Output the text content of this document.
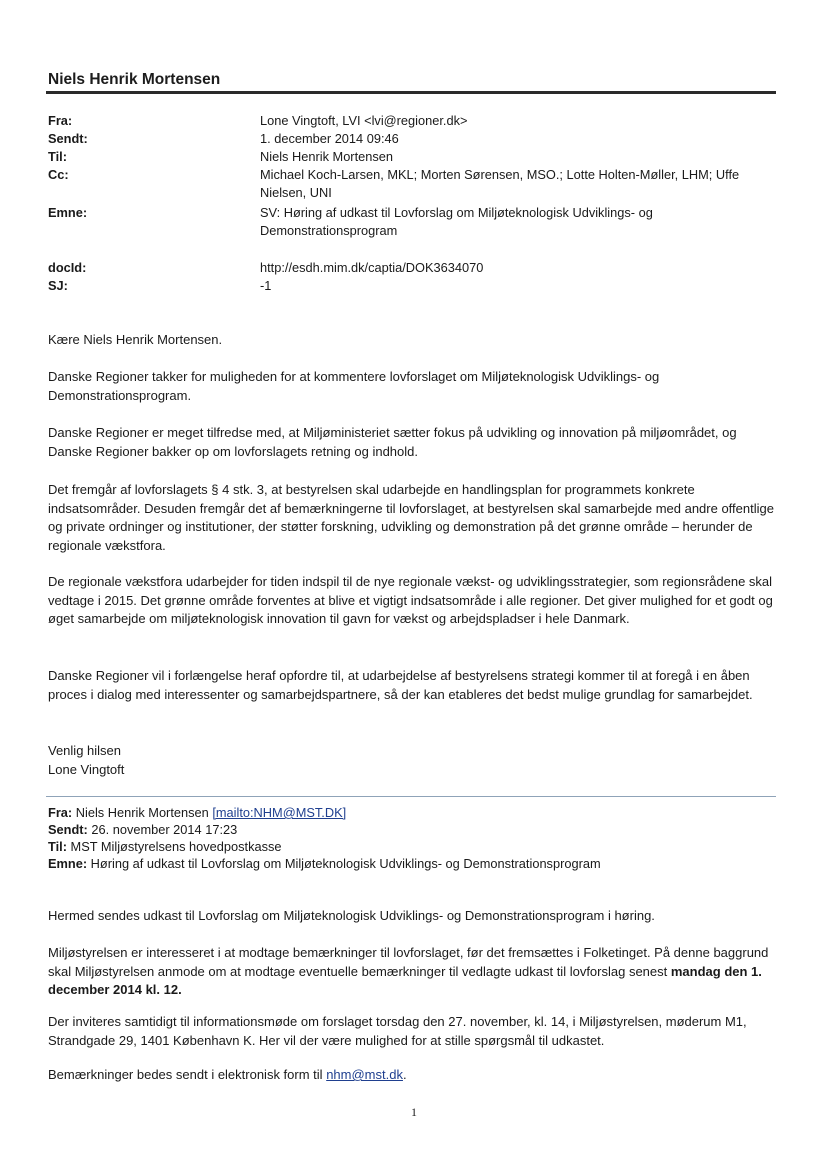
Niels Henrik Mortensen
Fra:	Lone Vingtoft, LVI <lvi@regioner.dk>
Sendt:	1. december 2014 09:46
Til:	Niels Henrik Mortensen
Cc:	Michael Koch-Larsen, MKL; Morten Sørensen, MSO.; Lotte Holten-Møller, LHM; Uffe Nielsen, UNI
Emne:	SV: Høring af udkast til Lovforslag om Miljøteknologisk Udviklings- og Demonstrationsprogram
docId:	http://esdh.mim.dk/captia/DOK3634070
SJ:	-1
Kære Niels Henrik Mortensen.
Danske Regioner takker for muligheden for at kommentere lovforslaget om Miljøteknologisk Udviklings- og Demonstrationsprogram.
Danske Regioner er meget tilfredse med, at Miljøministeriet sætter fokus på udvikling og innovation på miljøområdet, og Danske Regioner bakker op om lovforslagets retning og indhold.
Det fremgår af lovforslagets § 4 stk. 3, at bestyrelsen skal udarbejde en handlingsplan for programmets konkrete indsatsområder. Desuden fremgår det af bemærkningerne til lovforslaget, at bestyrelsen skal samarbejde med andre offentlige og private ordninger og institutioner, der støtter forskning, udvikling og demonstration på det grønne område – herunder de regionale vækstfora.
De regionale vækstfora udarbejder for tiden indspil til de nye regionale vækst- og udviklingsstrategier, som regionsrådene skal vedtage i 2015. Det grønne område forventes at blive et vigtigt indsatsområde i alle regioner. Det giver mulighed for et godt og øget samarbejde om miljøteknologisk innovation til gavn for vækst og arbejdspladser i hele Danmark.
Danske Regioner vil i forlængelse heraf opfordre til, at udarbejdelse af bestyrelsens strategi kommer til at foregå i en åben proces i dialog med interessenter og samarbejdspartnere, så der kan etableres det bedst mulige grundlag for samarbejdet.
Venlig hilsen
Lone Vingtoft
Fra: Niels Henrik Mortensen [mailto:NHM@MST.DK]
Sendt: 26. november 2014 17:23
Til: MST Miljøstyrelsens hovedpostkasse
Emne: Høring af udkast til Lovforslag om Miljøteknologisk Udviklings- og Demonstrationsprogram
Hermed sendes udkast til Lovforslag om Miljøteknologisk Udviklings- og Demonstrationsprogram i høring.
Miljøstyrelsen er interesseret i at modtage bemærkninger til lovforslaget, før det fremsættes i Folketinget. På denne baggrund skal Miljøstyrelsen anmode om at modtage eventuelle bemærkninger til vedlagte udkast til lovforslag senest mandag den 1. december 2014 kl. 12.
Der inviteres samtidigt til informationsmøde om forslaget torsdag den 27. november, kl. 14, i Miljøstyrelsen, møderum M1, Strandgade 29, 1401 København K. Her vil der være mulighed for at stille spørgsmål til udkastet.
Bemærkninger bedes sendt i elektronisk form til nhm@mst.dk.
1
